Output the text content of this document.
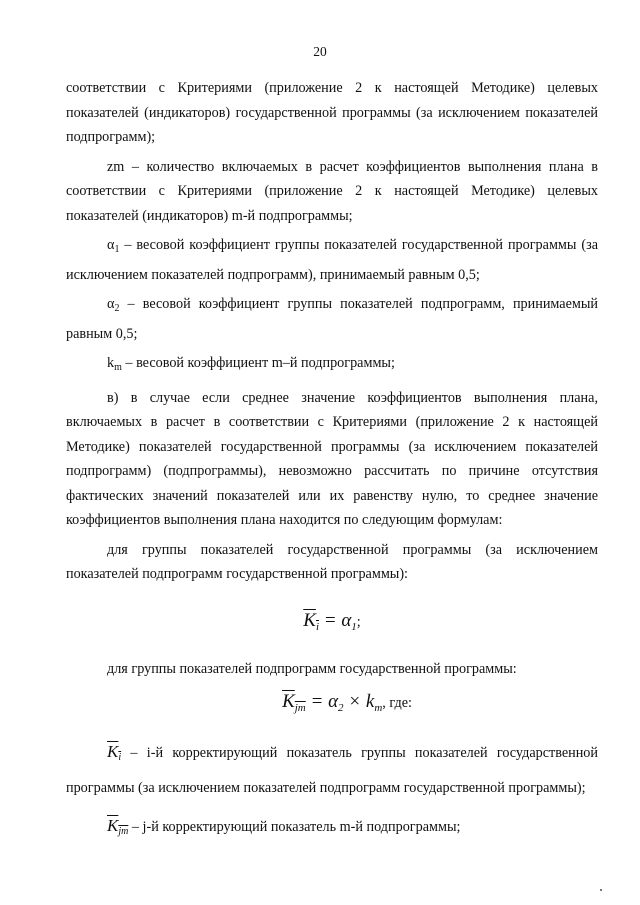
20

соответствии с Критериями (приложение 2 к настоящей Методике) целевых показателей (индикаторов) государственной программы (за исключением показателей подпрограмм);

zm – количество включаемых в расчет коэффициентов выполнения плана в соответствии с Критериями (приложение 2 к настоящей Методике) целевых показателей (индикаторов) m-й подпрограммы;

$\alpha_1$ – весовой коэффициент группы показателей государственной программы (за исключением показателей подпрограмм), принимаемый равным 0,5;

$\alpha_2$ – весовой коэффициент группы показателей подпрограмм, принимаемый равным 0,5;

$k_m$ – весовой коэффициент m–й подпрограммы;

в) в случае если среднее значение коэффициентов выполнения плана, включаемых в расчет в соответствии с Критериями (приложение 2 к настоящей Методике) показателей государственной программы (за исключением показателей подпрограмм) (подпрограммы), невозможно рассчитать по причине отсутствия фактических значений показателей или их равенству нулю, то среднее значение коэффициентов выполнения плана находится по следующим формулам:

для группы показателей государственной программы (за исключением показателей подпрограмм государственной программы):

$K_i = \alpha_1$;

для группы показателей подпрограмм государственной программы:

$K_{jm} = \alpha_2 \times k_m$, где:

$K_i - i-й$ корректирующий показатель группы показателей государственной программы (за исключением показателей подпрограмм государственной программы);

$K_{jm} - j-й$ корректирующий показатель m-й подпрограммы;
